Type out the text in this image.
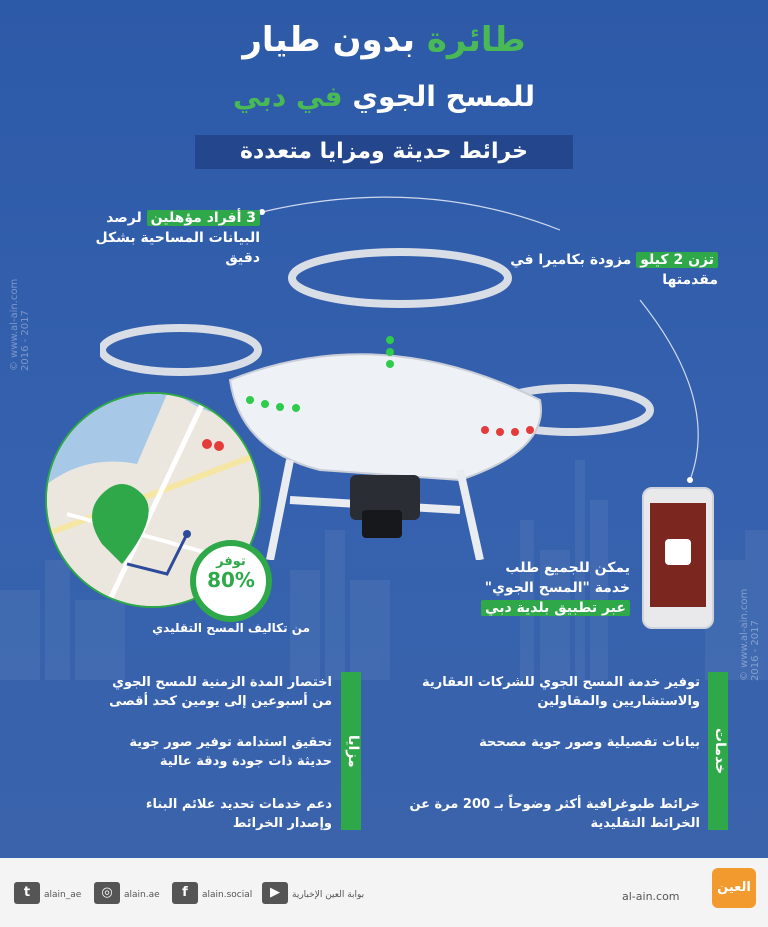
طائرة بدون طيار
للمسح الجوي في دبي
خرائط حديثة ومزايا متعددة
© www.al-ain.com
2016 - 2017
© www.al-ain.com
2016 - 2017
3 أفراد مؤهلين لرصد البيانات المساحية بشكل دقيق	تزن 2 كيلو مزودة بكاميرا في مقدمتها
توفر
80%
من تكاليف المسح التقليدي
يمكن للجميع طلب
خدمة "المسح الجوي"
عبر تطبيق بلدية دبي
مزايا
اختصار المدة الزمنية للمسح الجوي من أسبوعين إلى يومين كحد أقصى
تحقيق استدامة توفير صور جوية حديثة ذات جودة ودقة عالية
دعم خدمات تحديد علائم البناء وإصدار الخرائط
خدمات
توفير خدمة المسح الجوي للشركات العقارية والاستشاريين والمقاولين
بيانات تفصيلية وصور جوية مصححة
خرائط طبوغرافية أكثر وضوحاً بـ 200 مرة عن الخرائط التقليدية
t	alain_ae	◎	alain.ae	f	alain.social	▶	بوابة العين الإخبارية	al-ain.com
العين
